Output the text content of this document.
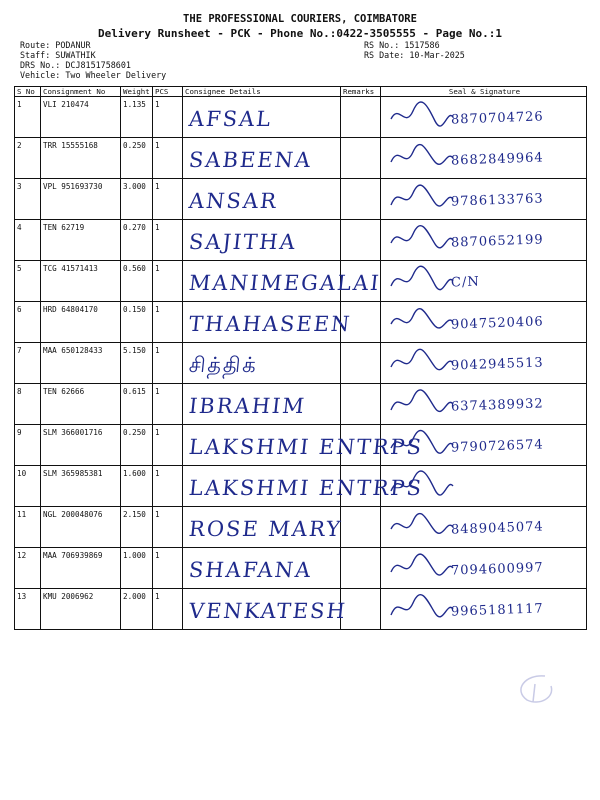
THE PROFESSIONAL COURIERS, COIMBATORE
Delivery Runsheet - PCK - Phone No.:0422-3505555 - Page No.:1
Route: PODANUR
Staff: SUWATHIK
DRS No.: DCJ8151758601
Vehicle: Two Wheeler Delivery
RS No.: 1517586
RS Date: 10-Mar-2025
S No	Consignment No	Weight	PCS	Consignee Details	Remarks	Seal & Signature

1	VLI 210474	1.135	1	AFSAL		8870704726

2	TRR 15555168	0.250	1	SABEENA		8682849964

3	VPL 951693730	3.000	1	ANSAR		9786133763

4	TEN 62719	0.270	1	SAJITHA		8870652199

5	TCG 41571413	0.560	1	MANIMEGALAI		C/N

6	HRD 64804170	0.150	1	THAHASEEN		9047520406

7	MAA 650128433	5.150	1	சித்திக்		9042945513

8	TEN 62666	0.615	1	IBRAHIM		6374389932

9	SLM 366001716	0.250	1	LAKSHMI ENTRPS		9790726574

10	SLM 365985381	1.600	1	LAKSHMI ENTRPS

11	NGL 200048076	2.150	1	ROSE MARY		8489045074

12	MAA 706939869	1.000	1	SHAFANA		7094600997

13	KMU 2006962	2.000	1	VENKATESH		9965181117
